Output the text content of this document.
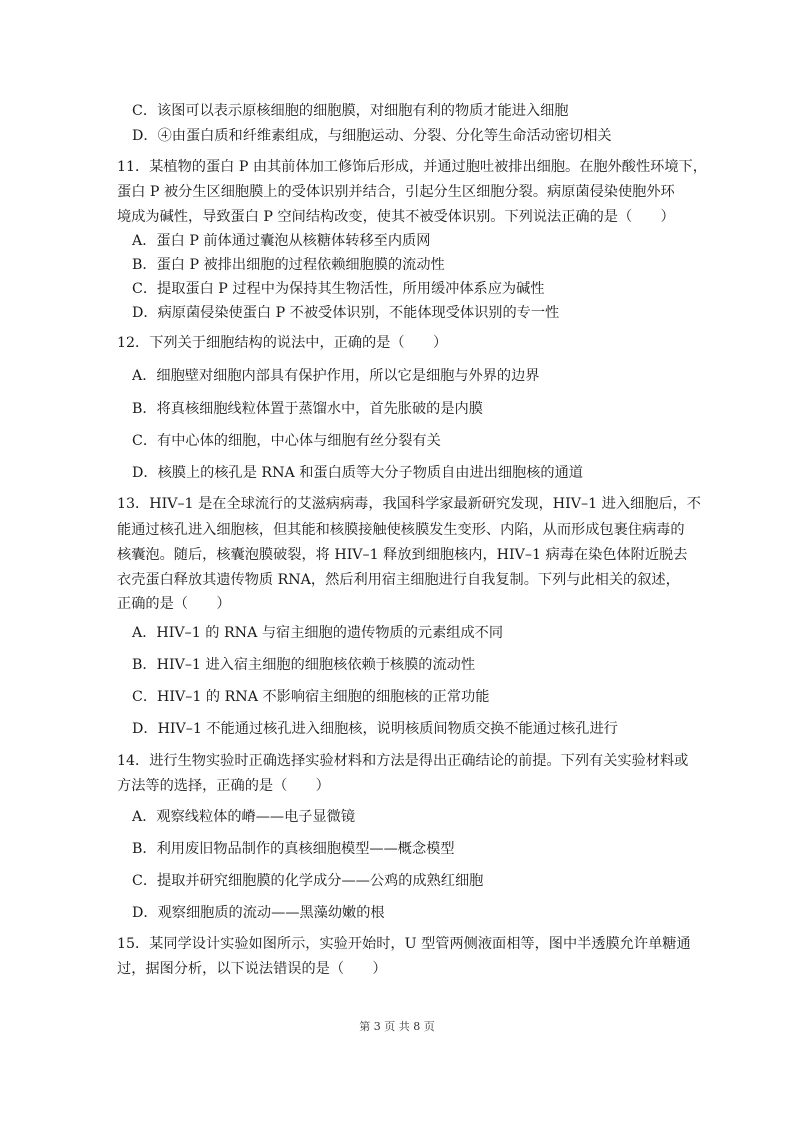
C．该图可以表示原核细胞的细胞膜，对细胞有利的物质才能进入细胞
D．④由蛋白质和纤维素组成，与细胞运动、分裂、分化等生命活动密切相关
11．某植物的蛋白 P 由其前体加工修饰后形成，并通过胞吐被排出细胞。在胞外酸性环境下，
蛋白 P 被分生区细胞膜上的受体识别并结合，引起分生区细胞分裂。病原菌侵染使胞外环
境成为碱性，导致蛋白 P 空间结构改变，使其不被受体识别。下列说法正确的是（　　）
A．蛋白 P 前体通过囊泡从核糖体转移至内质网
B．蛋白 P 被排出细胞的过程依赖细胞膜的流动性
C．提取蛋白 P 过程中为保持其生物活性，所用缓冲体系应为碱性
D．病原菌侵染使蛋白 P 不被受体识别，不能体现受体识别的专一性
12．下列关于细胞结构的说法中，正确的是（　　）
A．细胞壁对细胞内部具有保护作用，所以它是细胞与外界的边界
B．将真核细胞线粒体置于蒸馏水中，首先胀破的是内膜
C．有中心体的细胞，中心体与细胞有丝分裂有关
D．核膜上的核孔是 RNA 和蛋白质等大分子物质自由进出细胞核的通道
13．HIV–1 是在全球流行的艾滋病病毒，我国科学家最新研究发现，HIV–1 进入细胞后，不
能通过核孔进入细胞核，但其能和核膜接触使核膜发生变形、内陷，从而形成包裹住病毒的
核囊泡。随后，核囊泡膜破裂，将 HIV–1 释放到细胞核内，HIV–1 病毒在染色体附近脱去
衣壳蛋白释放其遗传物质 RNA，然后利用宿主细胞进行自我复制。下列与此相关的叙述，
正确的是（　　）
A．HIV–1 的 RNA 与宿主细胞的遗传物质的元素组成不同
B．HIV–1 进入宿主细胞的细胞核依赖于核膜的流动性
C．HIV–1 的 RNA 不影响宿主细胞的细胞核的正常功能
D．HIV–1 不能通过核孔进入细胞核，说明核质间物质交换不能通过核孔进行
14．进行生物实验时正确选择实验材料和方法是得出正确结论的前提。下列有关实验材料或
方法等的选择，正确的是（　　）
A．观察线粒体的嵴——电子显微镜
B．利用废旧物品制作的真核细胞模型——概念模型
C．提取并研究细胞膜的化学成分——公鸡的成熟红细胞
D．观察细胞质的流动——黑藻幼嫩的根
15．某同学设计实验如图所示，实验开始时，U 型管两侧液面相等，图中半透膜允许单糖通
过，据图分析，以下说法错误的是（　　）
第 3 页 共 8 页
